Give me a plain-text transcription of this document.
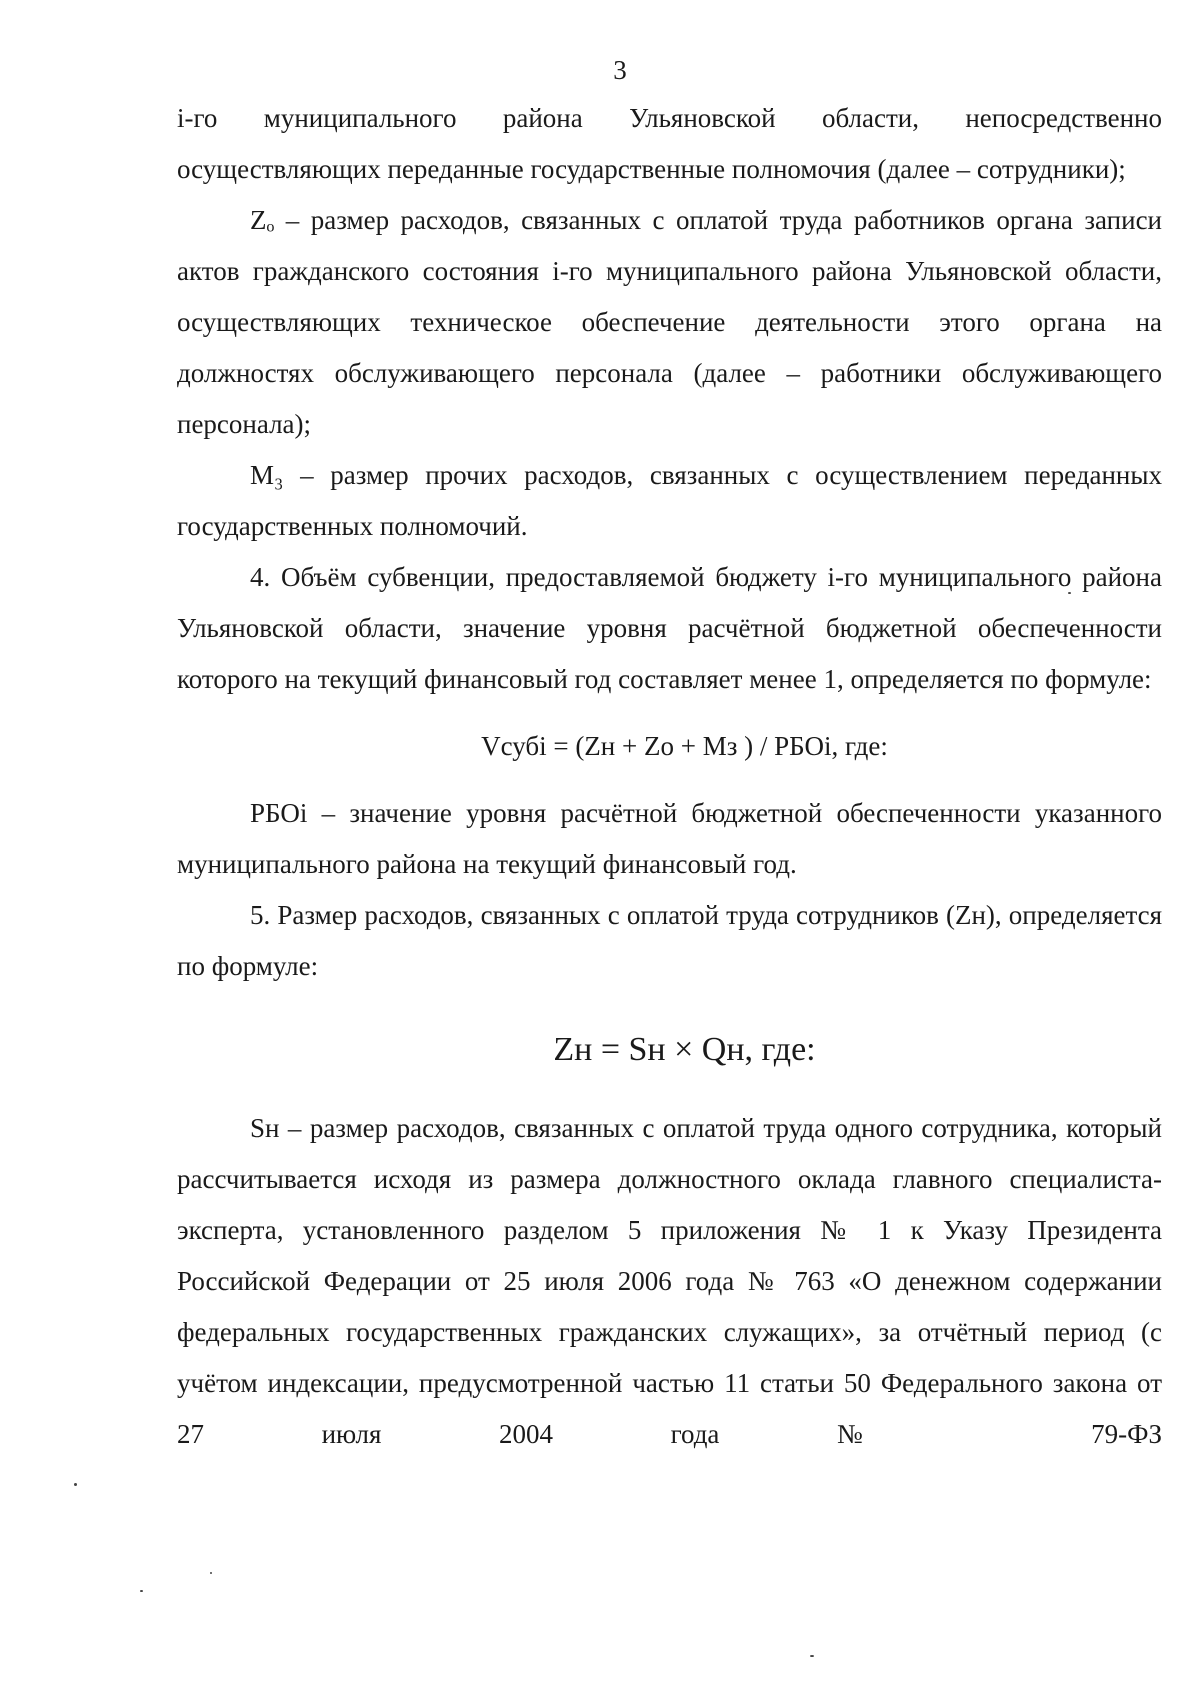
3

i-го муниципального района Ульяновской области, непосредственно осуществляющих переданные государственные полномочия (далее – сотрудники);

Zₒ – размер расходов, связанных с оплатой труда работников органа записи актов гражданского состояния i-го муниципального района Ульяновской области, осуществляющих техническое обеспечение деятельности этого органа на должностях обслуживающего персонала (далее – работники обслуживающего персонала);

M₃ – размер прочих расходов, связанных с осуществлением переданных государственных полномочий.

4. Объём субвенции, предоставляемой бюджету i-го муниципального района Ульяновской области, значение уровня расчётной бюджетной обеспеченности которого на текущий финансовый год составляет менее 1, определяется по формуле:

Vсубi = (Zн + Zо + Mз ) / РБОi, где:

РБОi – значение уровня расчётной бюджетной обеспеченности указанного муниципального района на текущий финансовый год.

5. Размер расходов, связанных с оплатой труда сотрудников (Zн), определяется по формуле:

Zн = Sн × Qн, где:

Sн – размер расходов, связанных с оплатой труда одного сотрудника, который рассчитывается исходя из размера должностного оклада главного специалиста-эксперта, установленного разделом 5 приложения № 1 к Указу Президента Российской Федерации от 25 июля 2006 года № 763 «О денежном содержании федеральных государственных гражданских служащих», за отчётный период (с учётом индексации, предусмотренной частью 11 статьи 50 Федерального закона от 27 июля 2004 года № 79-ФЗ
